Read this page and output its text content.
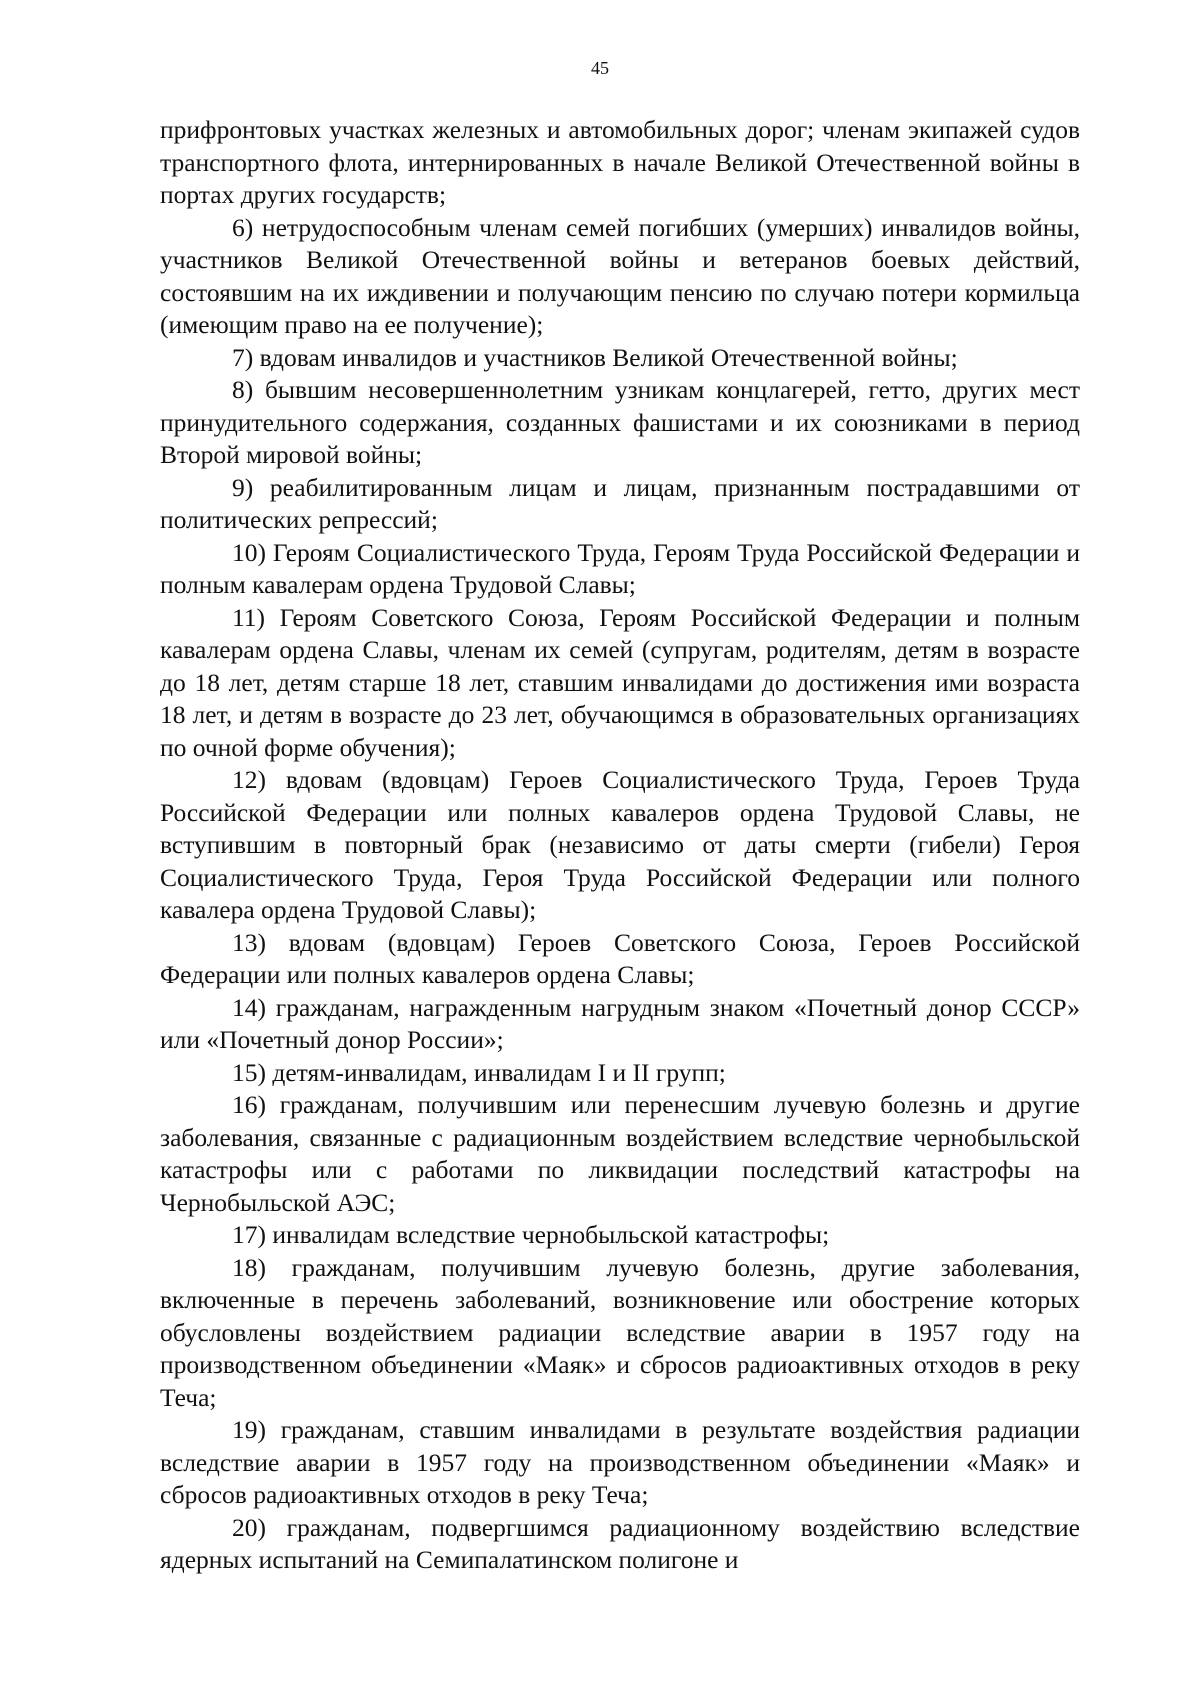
45

прифронтовых участках железных и автомобильных дорог; членам экипажей судов транспортного флота, интернированных в начале Великой Отечественной войны в портах других государств;

6) нетрудоспособным членам семей погибших (умерших) инвалидов войны, участников Великой Отечественной войны и ветеранов боевых действий, состоявшим на их иждивении и получающим пенсию по случаю потери кормильца (имеющим право на ее получение);

7) вдовам инвалидов и участников Великой Отечественной войны;

8) бывшим несовершеннолетним узникам концлагерей, гетто, других мест принудительного содержания, созданных фашистами и их союзниками в период Второй мировой войны;

9) реабилитированным лицам и лицам, признанным пострадавшими от политических репрессий;

10) Героям Социалистического Труда, Героям Труда Российской Федерации и полным кавалерам ордена Трудовой Славы;

11) Героям Советского Союза, Героям Российской Федерации и полным кавалерам ордена Славы, членам их семей (супругам, родителям, детям в возрасте до 18 лет, детям старше 18 лет, ставшим инвалидами до достижения ими возраста 18 лет, и детям в возрасте до 23 лет, обучающимся в образовательных организациях по очной форме обучения);

12) вдовам (вдовцам) Героев Социалистического Труда, Героев Труда Российской Федерации или полных кавалеров ордена Трудовой Славы, не вступившим в повторный брак (независимо от даты смерти (гибели) Героя Социалистического Труда, Героя Труда Российской Федерации или полного кавалера ордена Трудовой Славы);

13) вдовам (вдовцам) Героев Советского Союза, Героев Российской Федерации или полных кавалеров ордена Славы;

14) гражданам, награжденным нагрудным знаком «Почетный донор СССР» или «Почетный донор России»;

15) детям-инвалидам, инвалидам I и II групп;

16) гражданам, получившим или перенесшим лучевую болезнь и другие заболевания, связанные с радиационным воздействием вследствие чернобыльской катастрофы или с работами по ликвидации последствий катастрофы на Чернобыльской АЭС;

17) инвалидам вследствие чернобыльской катастрофы;

18) гражданам, получившим лучевую болезнь, другие заболевания, включенные в перечень заболеваний, возникновение или обострение которых обусловлены воздействием радиации вследствие аварии в 1957 году на производственном объединении «Маяк» и сбросов радиоактивных отходов в реку Теча;

19) гражданам, ставшим инвалидами в результате воздействия радиации вследствие аварии в 1957 году на производственном объединении «Маяк» и сбросов радиоактивных отходов в реку Теча;

20) гражданам, подвергшимся радиационному воздействию вследствие ядерных испытаний на Семипалатинском полигоне и
